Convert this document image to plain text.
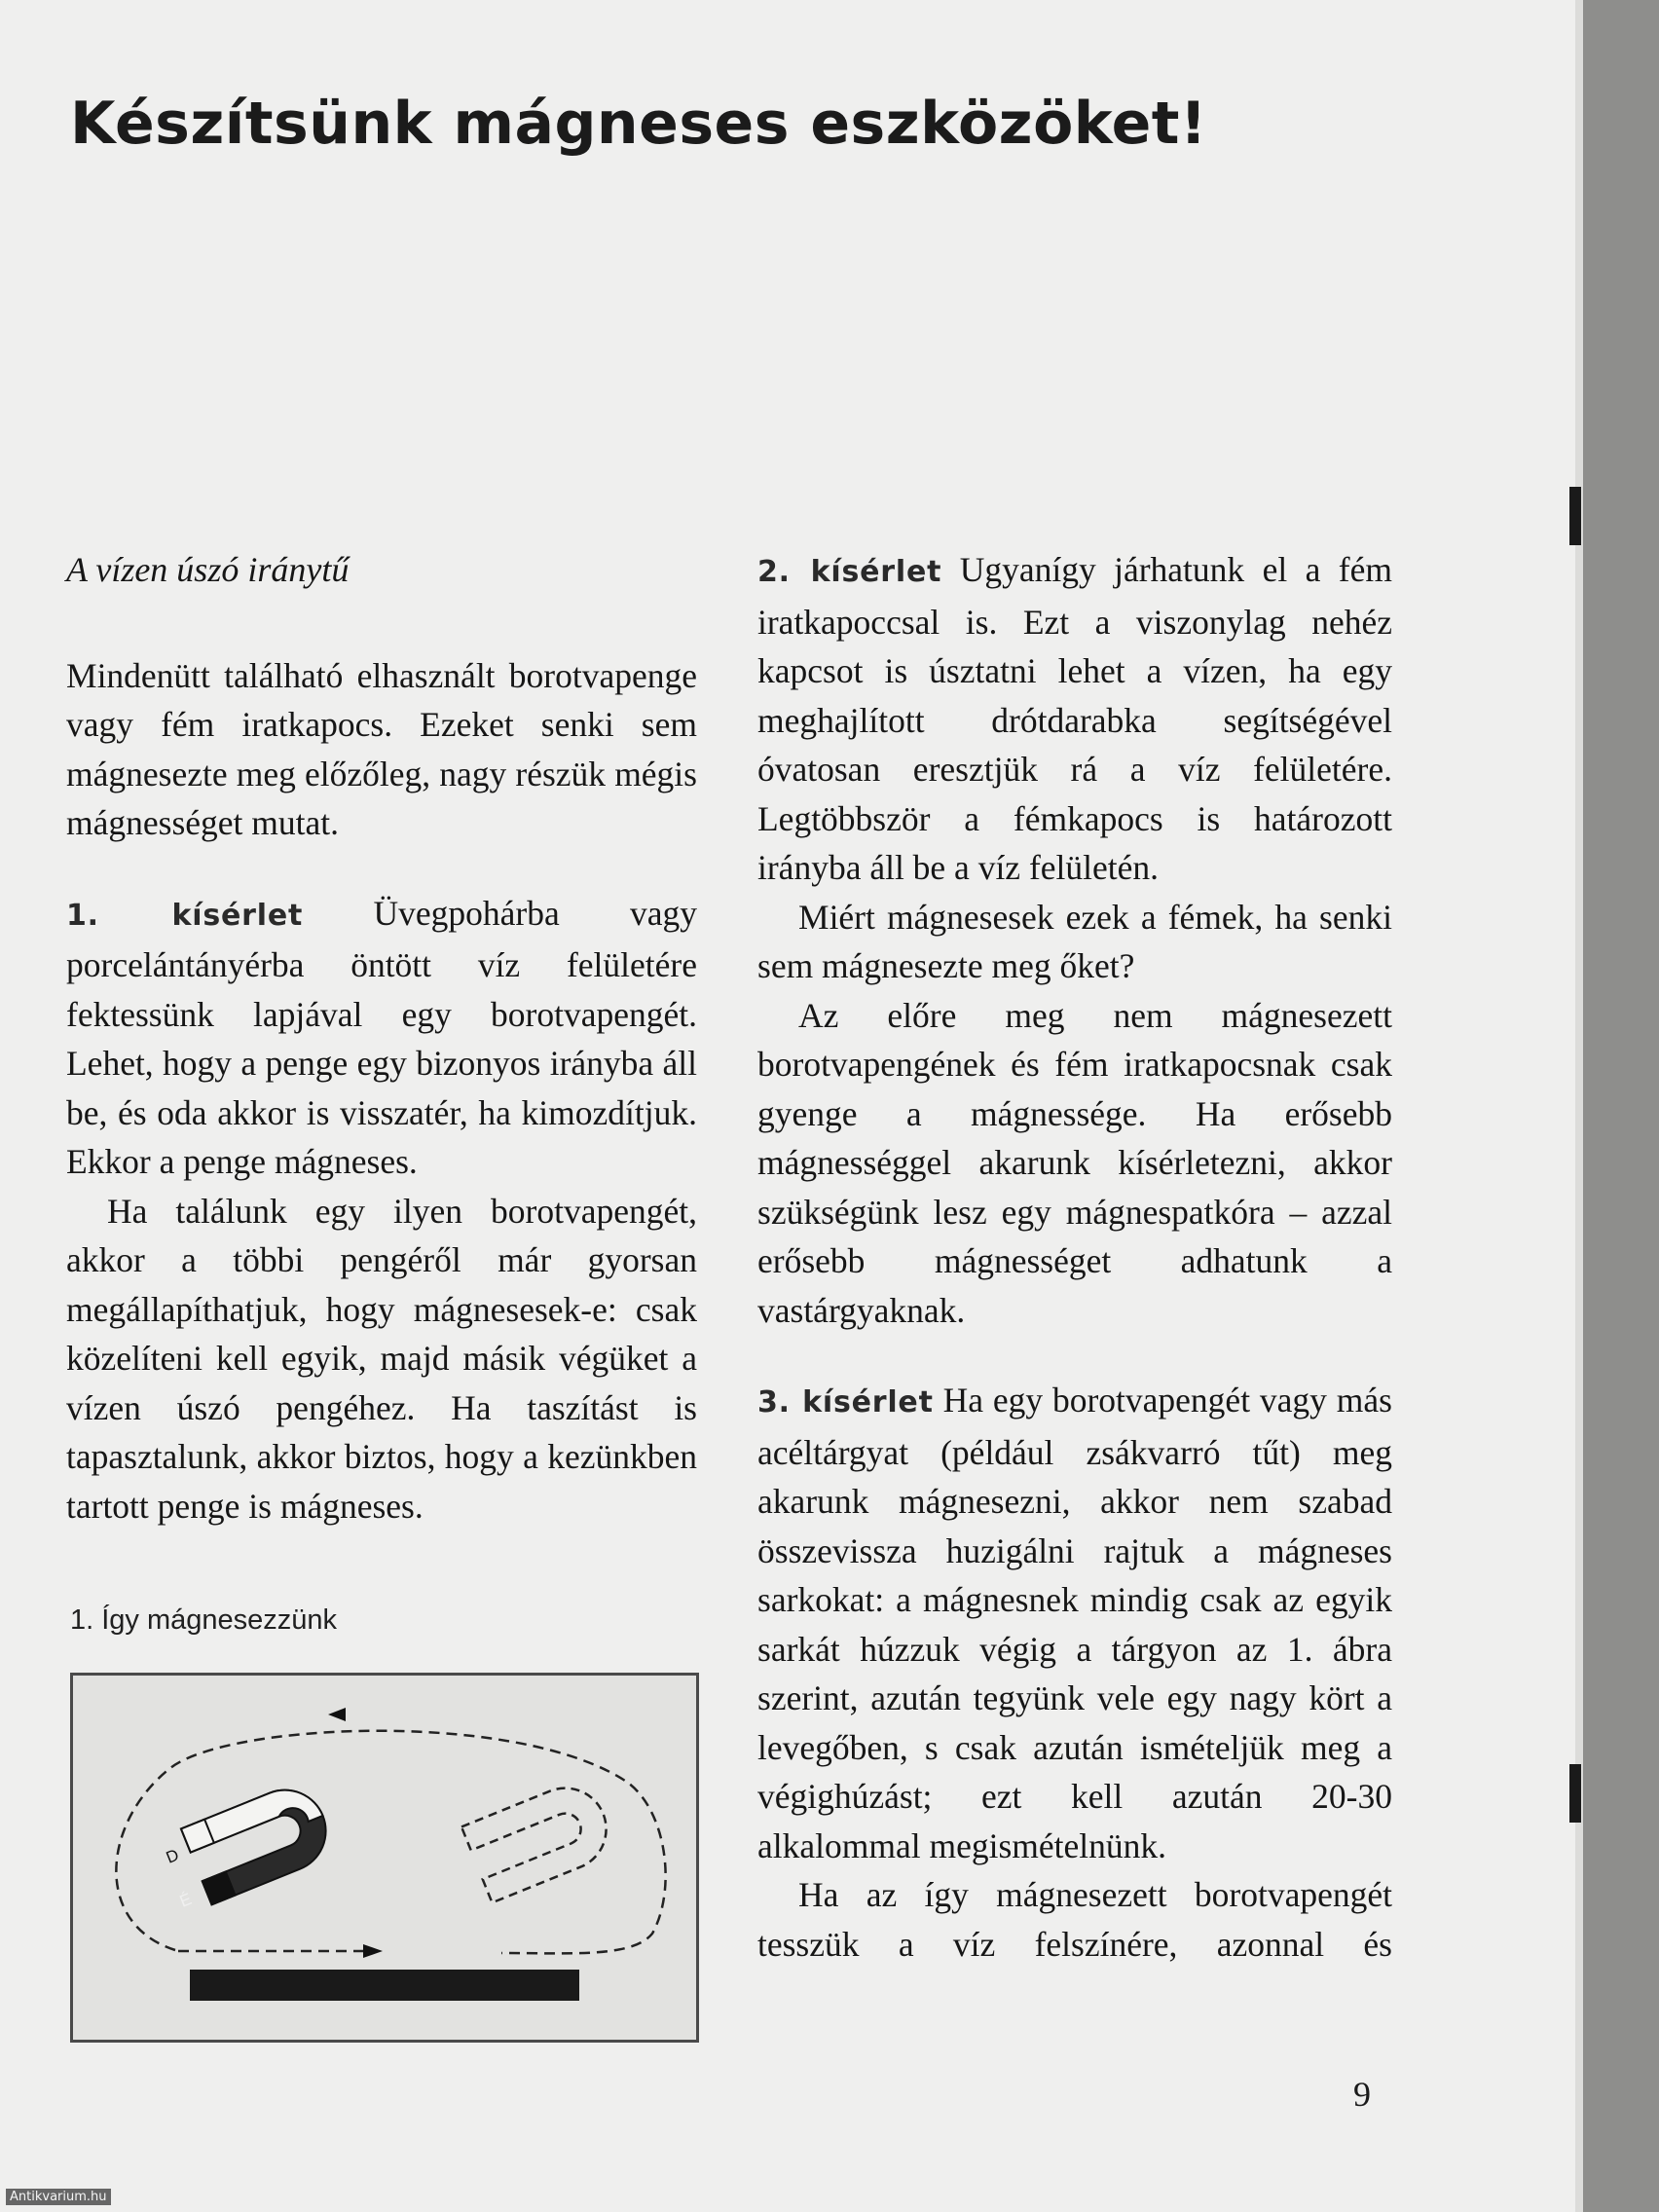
Készítsünk mágneses eszközöket!

A vízen úszó iránytű

Mindenütt található elhasznált borotvapenge vagy fém iratkapocs. Ezeket senki sem mágnesezte meg előzőleg, nagy részük mégis mágnességet mutat.

1. kísérlet Üvegpohárba vagy porcelántányérba öntött víz felületére fektessünk lapjával egy borotvapengét. Lehet, hogy a penge egy bizonyos irányba áll be, és oda akkor is visszatér, ha kimozdítjuk. Ekkor a penge mágneses.

Ha találunk egy ilyen borotvapengét, akkor a többi pengéről már gyorsan megállapíthatjuk, hogy mágnesesek-e: csak közelíteni kell egyik, majd másik végüket a vízen úszó pengéhez. Ha taszítást is tapasztalunk, akkor biztos, hogy a kezünkben tartott penge is mágneses.

1. Így mágnesezzünk
D
É

2. kísérlet Ugyanígy járhatunk el a fém iratkapoccsal is. Ezt a viszonylag nehéz kapcsot is úsztatni lehet a vízen, ha egy meghajlított drótdarabka segítségével óvatosan eresztjük rá a víz felületére. Legtöbbször a fémkapocs is határozott irányba áll be a víz felületén.

Miért mágnesesek ezek a fémek, ha senki sem mágnesezte meg őket?

Az előre meg nem mágnesezett borotvapengének és fém iratkapocsnak csak gyenge a mágnessége. Ha erősebb mágnességgel akarunk kísérletezni, akkor szükségünk lesz egy mágnespatkóra – azzal erősebb mágnességet adhatunk a vastárgyaknak.

3. kísérlet Ha egy borotvapengét vagy más acéltárgyat (például zsákvarró tűt) meg akarunk mágnesezni, akkor nem szabad összevissza huzigálni rajtuk a mágneses sarkokat: a mágnesnek mindig csak az egyik sarkát húzzuk végig a tárgyon az 1. ábra szerint, azután tegyünk vele egy nagy kört a levegőben, s csak azután ismételjük meg a végighúzást; ezt kell azután 20-30 alkalommal megismételnünk.

Ha az így mágnesezett borotvapengét tesszük a víz felszínére, azonnal és

9
Antikvarium.hu
